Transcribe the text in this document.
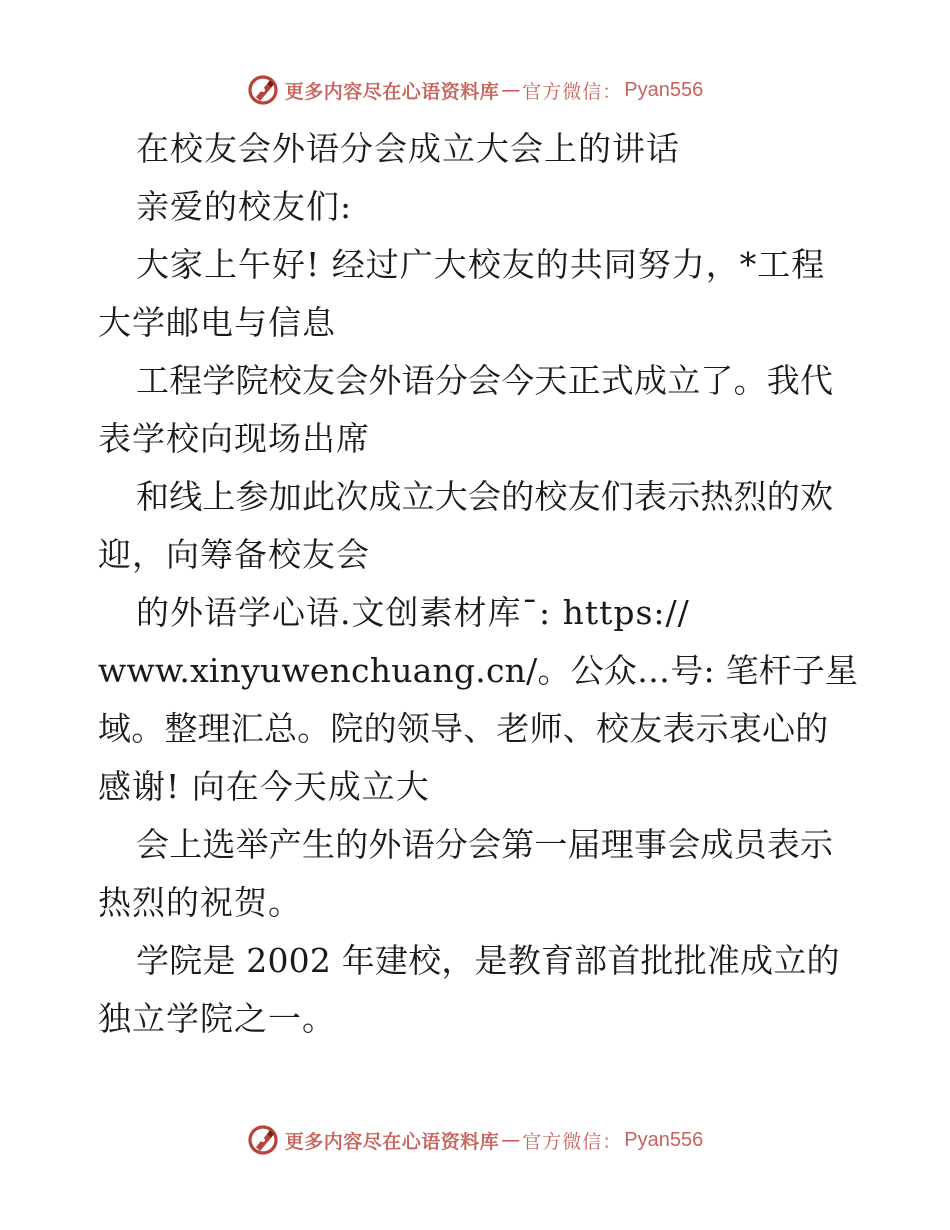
更多内容尽在心语资料库 — 官方微信： Pyan556
在校友会外语分会成立大会上的讲话
亲爱的校友们:
大家上午好! 经过广大校友的共同努力，*工程
大学邮电与信息
工程学院校友会外语分会今天正式成立了。我代
表学校向现场出席
和线上参加此次成立大会的校友们表示热烈的欢
迎，向筹备校友会
的外语学心语.文创素材库¯: https://
www.xinyuwenchuang.cn/。公众…号: 笔杆子星
域。整理汇总。院的领导、老师、校友表示衷心的
感谢! 向在今天成立大
会上选举产生的外语分会第一届理事会成员表示
热烈的祝贺。
学院是 2002 年建校，是教育部首批批准成立的
独立学院之一。
更多内容尽在心语资料库 — 官方微信： Pyan556
